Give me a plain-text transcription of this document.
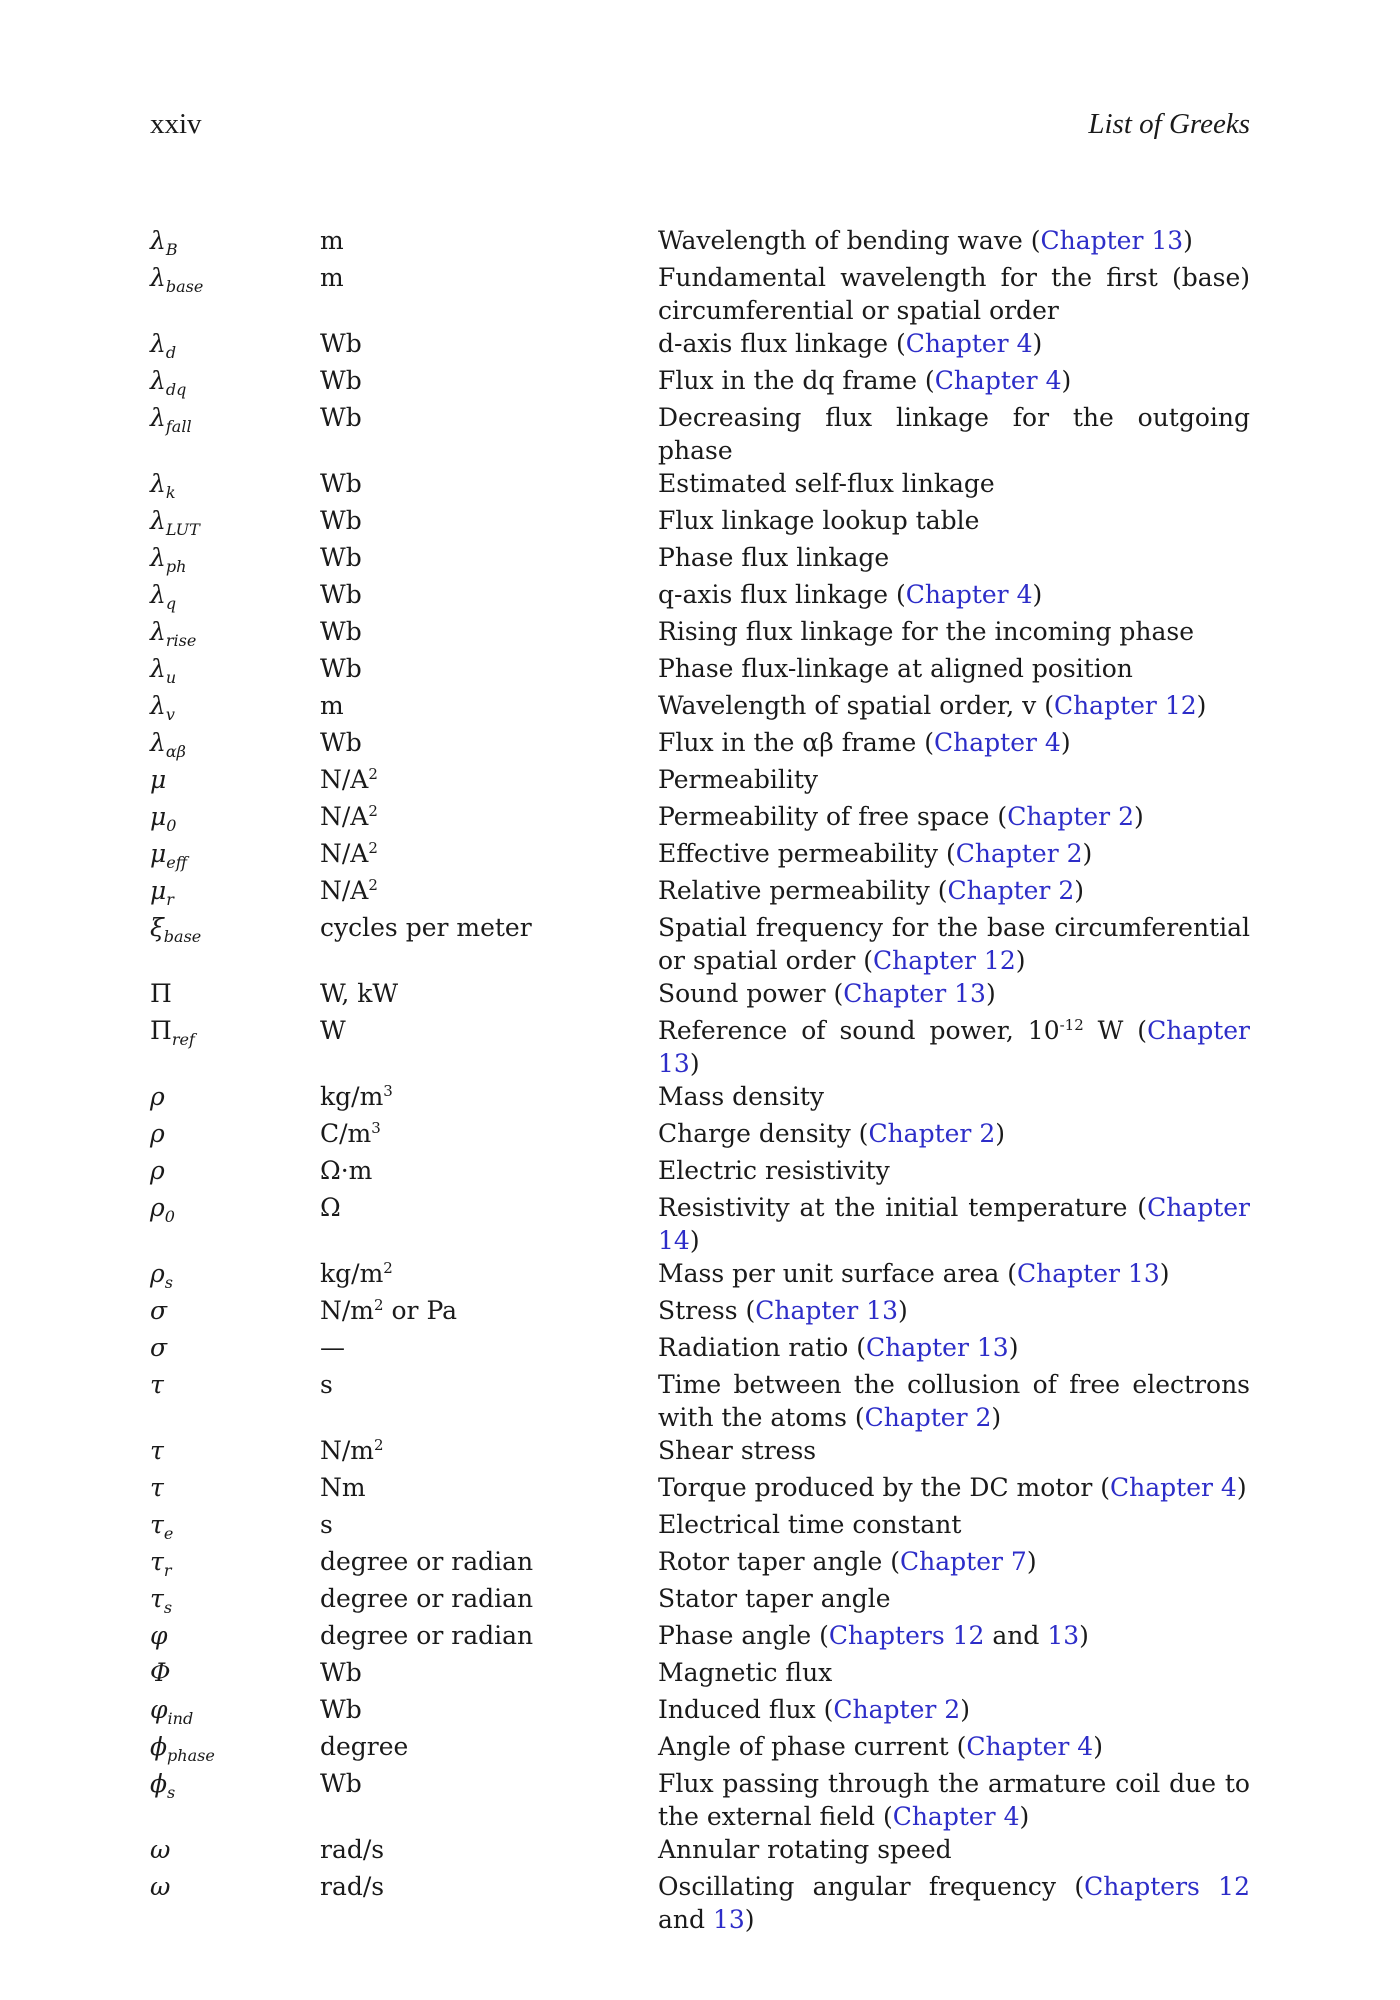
xxiv	List of Greeks
$\lambda_B$	m	Wavelength of bending wave (Chapter 13)
$\lambda_{base}$	m	Fundamental wavelength for the first (base) circumferential or spatial order
$\lambda_d$	Wb	d-axis flux linkage (Chapter 4)
$\lambda_{dq}$	Wb	Flux in the dq frame (Chapter 4)
$\lambda_{fall}$	Wb	Decreasing flux linkage for the outgoing phase
$\lambda_k$	Wb	Estimated self-flux linkage
$\lambda_{LUT}$	Wb	Flux linkage lookup table
$\lambda_{ph}$	Wb	Phase flux linkage
$\lambda_q$	Wb	q-axis flux linkage (Chapter 4)
$\lambda_{rise}$	Wb	Rising flux linkage for the incoming phase
$\lambda_u$	Wb	Phase flux-linkage at aligned position
$\lambda_v$	m	Wavelength of spatial order, v (Chapter 12)
$\lambda_{\alpha\beta}$	Wb	Flux in the αβ frame (Chapter 4)
μ	$N/A^2$	Permeability
$\mu_0$	$N/A^2$	Permeability of free space (Chapter 2)
$\mu_{eff}$	$N/A^2$	Effective permeability (Chapter 2)
$\mu_r$	$N/A^2$	Relative permeability (Chapter 2)
$\xi_{base}$	cycles per meter	Spatial frequency for the base circumferential or spatial order (Chapter 12)
Π	W, kW	Sound power (Chapter 13)
$\Pi_{ref}$	W	Reference of sound power, $10^{-12}$ W (Chapter 13)
ρ	$kg/m^3$	Mass density
ρ	$C/m^3$	Charge density (Chapter 2)
ρ	Ω·m	Electric resistivity
$\rho_0$	Ω	Resistivity at the initial temperature (Chapter 14)
$\rho_s$	$kg/m^2$	Mass per unit surface area (Chapter 13)
σ	$N/m^2$ or Pa	Stress (Chapter 13)
σ	—	Radiation ratio (Chapter 13)
τ	s	Time between the collusion of free electrons with the atoms (Chapter 2)
τ	$N/m^2$	Shear stress
τ	Nm	Torque produced by the DC motor (Chapter 4)
$\tau_e$	s	Electrical time constant
$\tau_r$	degree or radian	Rotor taper angle (Chapter 7)
$\tau_s$	degree or radian	Stator taper angle
φ	degree or radian	Phase angle (Chapters 12 and 13)
Φ	Wb	Magnetic flux
$\varphi_{ind}$	Wb	Induced flux (Chapter 2)
$\phi_{phase}$	degree	Angle of phase current (Chapter 4)
$\phi_s$	Wb	Flux passing through the armature coil due to the external field (Chapter 4)
ω	rad/s	Annular rotating speed
ω	rad/s	Oscillating angular frequency (Chapters 12 and 13)
